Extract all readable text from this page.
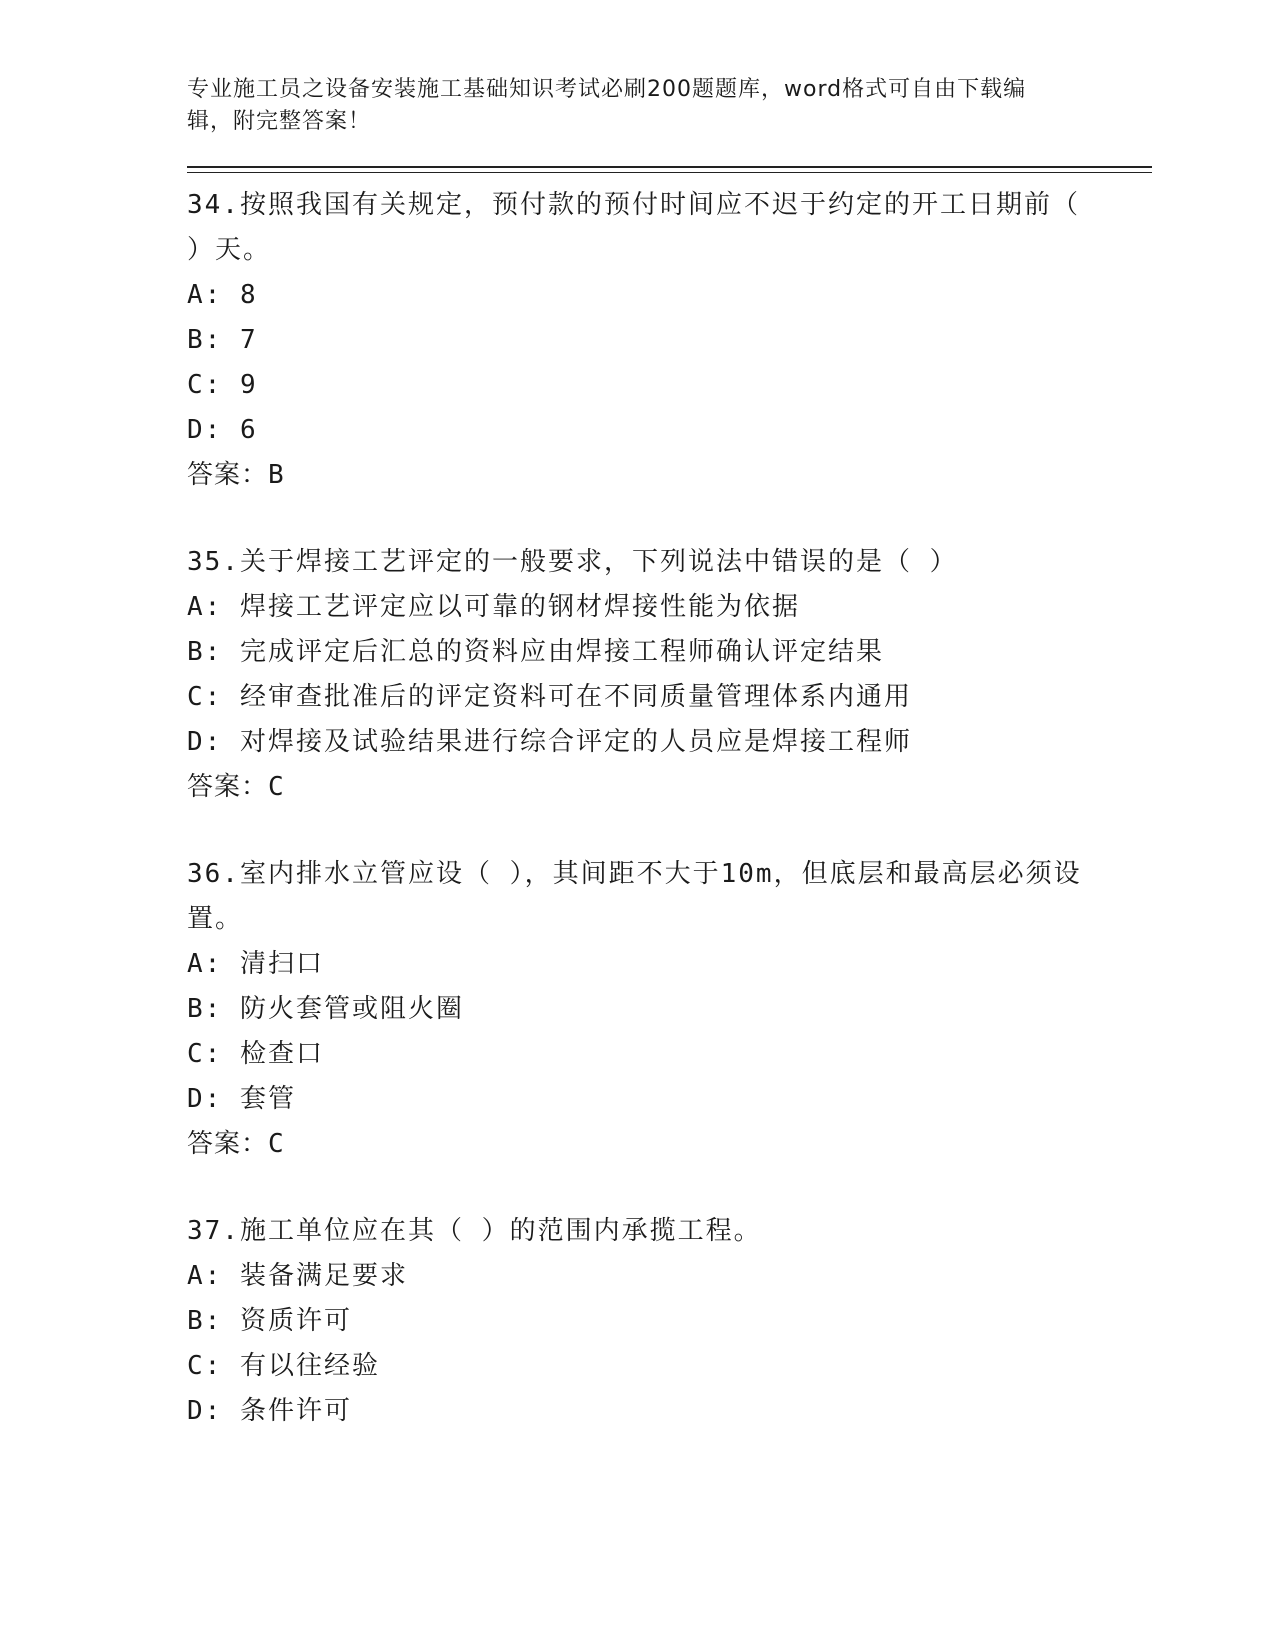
专业施工员之设备安装施工基础知识考试必刷200题题库，word格式可自由下载编辑，附完整答案！
34.按照我国有关规定，预付款的预付时间应不迟于约定的开工日期前（ ）天。
A: 8
B: 7
C: 9
D: 6
答案：B
35.关于焊接工艺评定的一般要求，下列说法中错误的是（ ）
A: 焊接工艺评定应以可靠的钢材焊接性能为依据
B: 完成评定后汇总的资料应由焊接工程师确认评定结果
C: 经审查批准后的评定资料可在不同质量管理体系内通用
D: 对焊接及试验结果进行综合评定的人员应是焊接工程师
答案：C
36.室内排水立管应设（ ），其间距不大于10m，但底层和最高层必须设置。
A: 清扫口
B: 防火套管或阻火圈
C: 检查口
D: 套管
答案：C
37.施工单位应在其（ ）的范围内承揽工程。
A: 装备满足要求
B: 资质许可
C: 有以往经验
D: 条件许可
